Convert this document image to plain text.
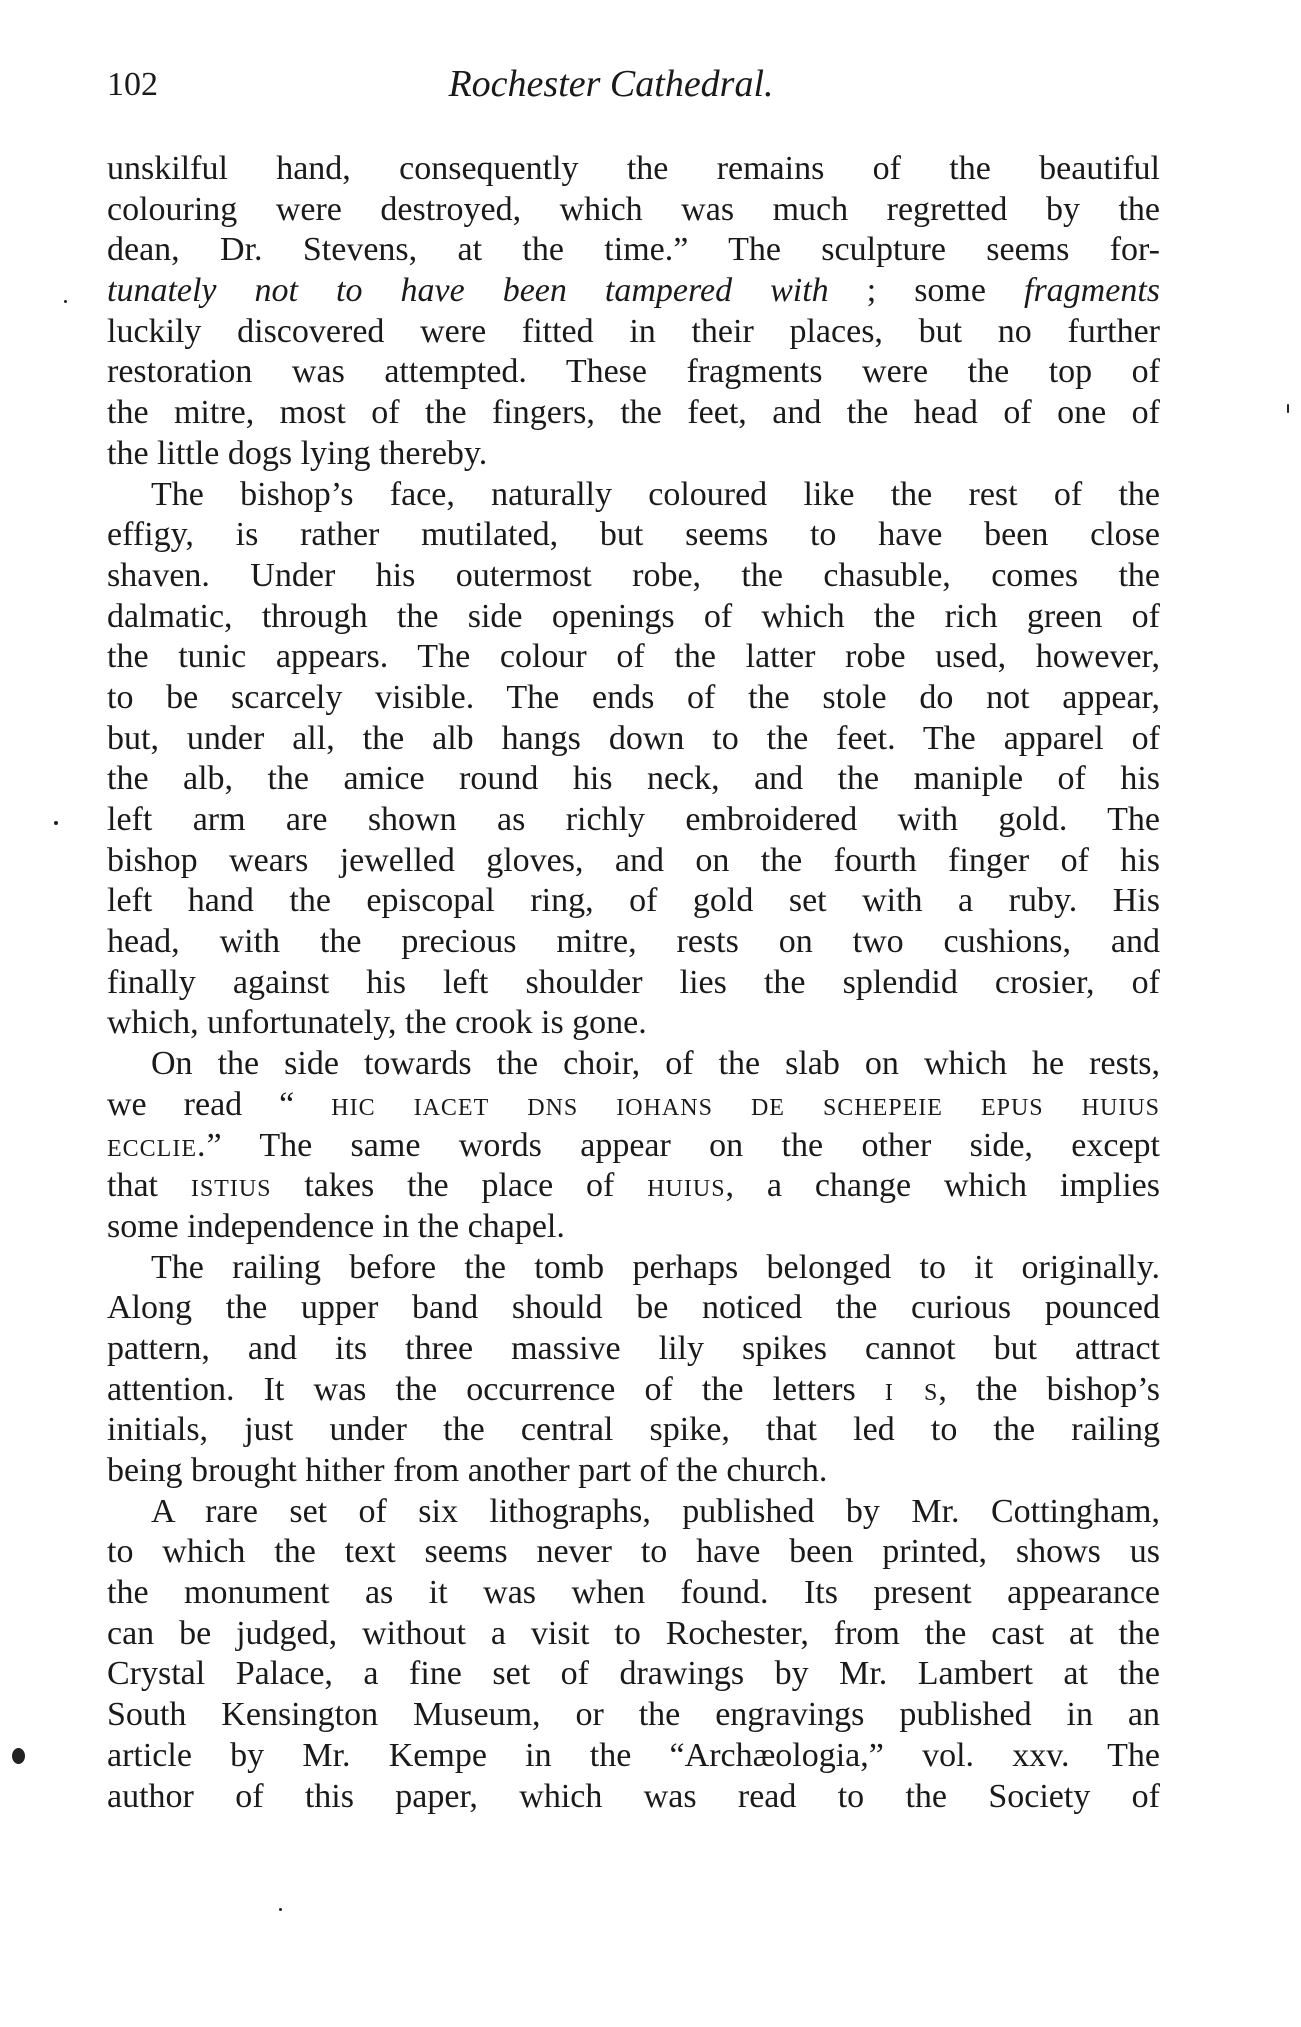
102	Rochester Cathedral.
unskilful hand, consequently the remains of the beautiful
colouring were destroyed, which was much regretted by the
dean, Dr. Stevens, at the time.” The sculpture seems for-
tunately not to have been tampered with ; some fragments
luckily discovered were fitted in their places, but no further
restoration was attempted. These fragments were the top of
the mitre, most of the fingers, the feet, and the head of one of
the little dogs lying thereby.
The bishop’s face, naturally coloured like the rest of the
effigy, is rather mutilated, but seems to have been close
shaven. Under his outermost robe, the chasuble, comes the
dalmatic, through the side openings of which the rich green of
the tunic appears. The colour of the latter robe used, however,
to be scarcely visible. The ends of the stole do not appear,
but, under all, the alb hangs down to the feet. The apparel of
the alb, the amice round his neck, and the maniple of his
left arm are shown as richly embroidered with gold. The
bishop wears jewelled gloves, and on the fourth finger of his
left hand the episcopal ring, of gold set with a ruby. His
head, with the precious mitre, rests on two cushions, and
finally against his left shoulder lies the splendid crosier, of
which, unfortunately, the crook is gone.
On the side towards the choir, of the slab on which he rests,
we read “ hic iacet dns iohans de schepeie epus huius
ecclie.” The same words appear on the other side, except
that istius takes the place of huius, a change which implies
some independence in the chapel.
The railing before the tomb perhaps belonged to it originally.
Along the upper band should be noticed the curious pounced
pattern, and its three massive lily spikes cannot but attract
attention. It was the occurrence of the letters i s, the bishop’s
initials, just under the central spike, that led to the railing
being brought hither from another part of the church.
A rare set of six lithographs, published by Mr. Cottingham,
to which the text seems never to have been printed, shows us
the monument as it was when found. Its present appearance
can be judged, without a visit to Rochester, from the cast at the
Crystal Palace, a fine set of drawings by Mr. Lambert at the
South Kensington Museum, or the engravings published in an
article by Mr. Kempe in the “Archæologia,” vol. xxv. The
author of this paper, which was read to the Society of
